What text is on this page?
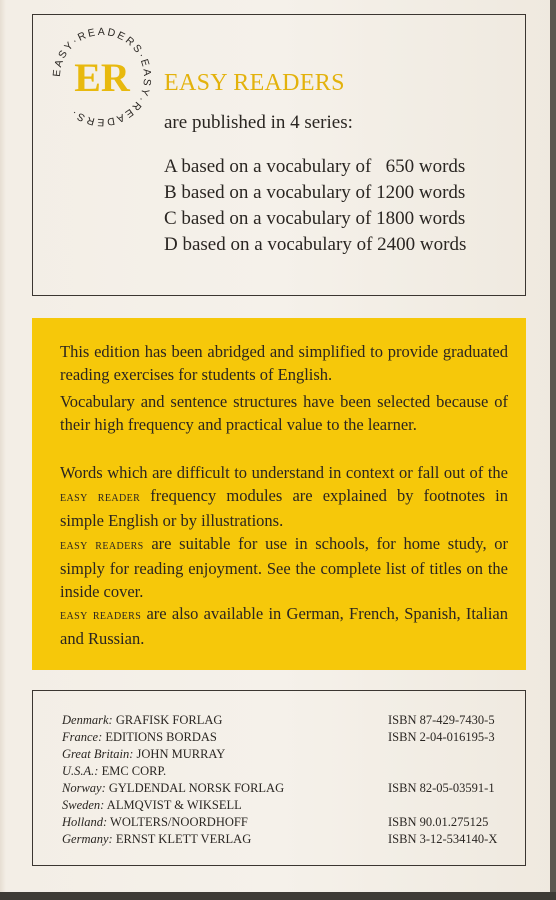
EASY·READERS·EASY·READERS·
ER	EASY READERS
are published in 4 series:
A based on a vocabulary of   650 words
B based on a vocabulary of 1200 words
C based on a vocabulary of 1800 words
D based on a vocabulary of 2400 words

This edition has been abridged and simplified to provide graduated reading exercises for students of English.

Vocabulary and sentence structures have been selected because of their high frequency and practical value to the learner.

Words which are difficult to understand in context or fall out of the easy reader frequency modules are explained by footnotes in simple English or by illustrations.

easy readers are suitable for use in schools, for home study, or simply for reading enjoyment. See the complete list of titles on the inside cover.

easy readers are also available in German, French, Spanish, Italian and Russian.

Denmark: GRAFISK FORLAG	ISBN 87-429-7430-5
France: EDITIONS BORDAS	ISBN 2-04-016195-3
Great Britain: JOHN MURRAY
U.S.A.: EMC CORP.
Norway: GYLDENDAL NORSK FORLAG	ISBN 82-05-03591-1
Sweden: ALMQVIST & WIKSELL
Holland: WOLTERS/NOORDHOFF	ISBN 90.01.275125
Germany: ERNST KLETT VERLAG	ISBN 3-12-534140-X
